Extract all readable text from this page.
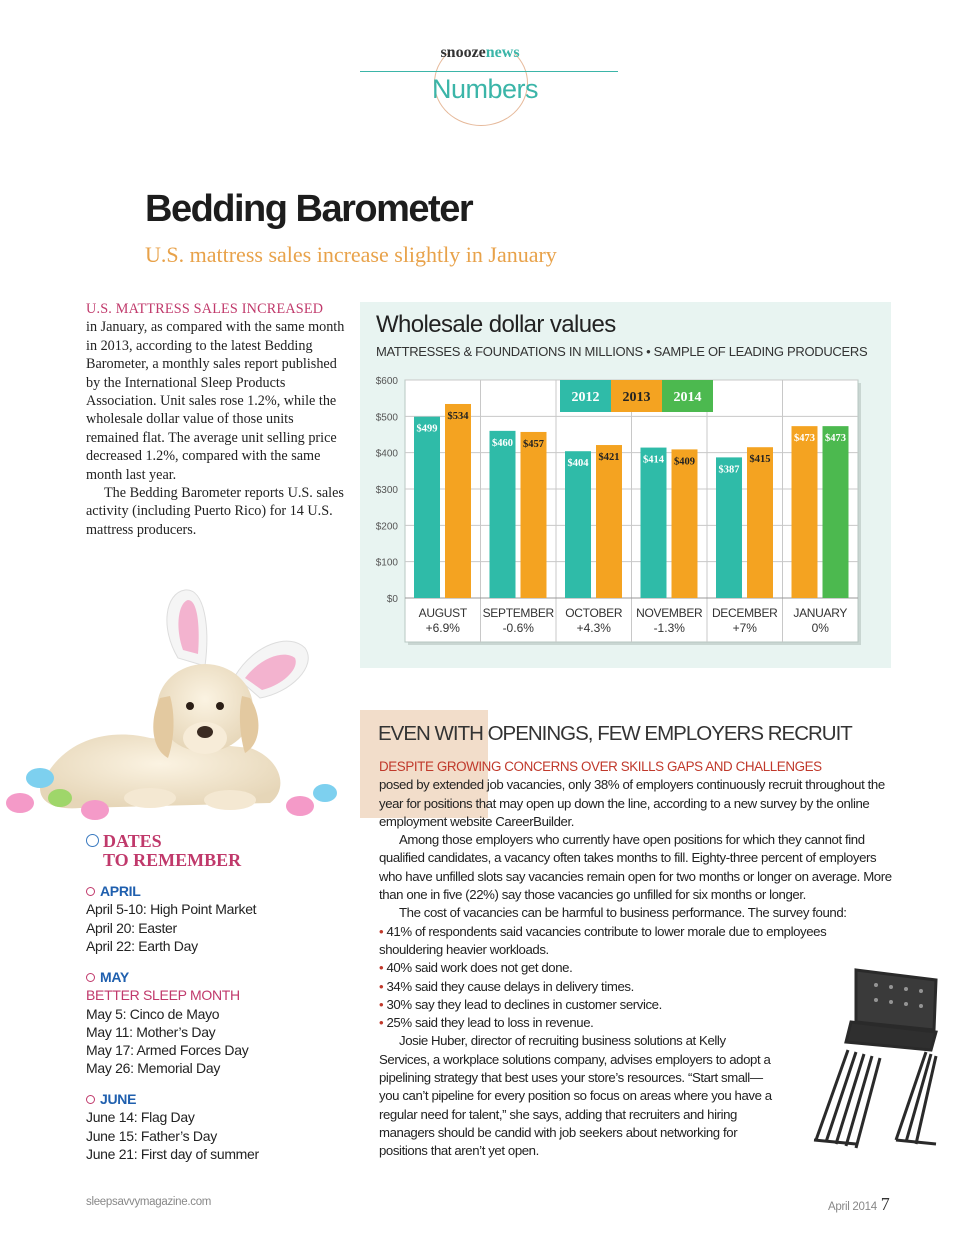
snoozenews
Numbers
Bedding Barometer
U.S. mattress sales increase slightly in January

U.S. MATTRESS SALES INCREASED
in January, as compared with the same month in 2013, according to the latest Bedding Barometer, a monthly sales report published by the International Sleep Products Association. Unit sales rose 1.2%, while the wholesale dollar value of those units remained flat. The average unit selling price decreased 1.2%, compared with the same month last year.

The Bedding Barometer reports U.S. sales activity (including Puerto Rico) for 14 U.S. mattress producers.

Wholesale dollar values
MATTRESSES & FOUNDATIONS IN MILLIONS • SAMPLE OF LEADING PRODUCERS
$0
$100
$200
$300
$400
$500
$600
$499
$534
AUGUST
+6.9%
$460 $457
SEPTEMBER
-0.6%
$404
$421
OCTOBER
+4.3%
$414 $409
NOVEMBER
-1.3%
$387
$415
DECEMBER
+7%
$473 $473
JANUARY
0%
2012 2013 2014
DATES
TO REMEMBER
APRIL
April 5-10: High Point Market
April 20: Easter
April 22: Earth Day
MAY
BETTER SLEEP MONTH
May 5: Cinco de Mayo
May 11: Mother’s Day
May 17: Armed Forces Day
May 26: Memorial Day
JUNE
June 14: Flag Day
June 15: Father’s Day
June 21: First day of summer
EVEN WITH OPENINGS, FEW EMPLOYERS RECRUIT
DESPITE GROWING CONCERNS OVER SKILLS GAPS AND CHALLENGES
posed by extended job vacancies, only 38% of employers continuously recruit throughout the year for positions that may open up down the line, according to a new survey by the online employment website CareerBuilder.
Among those employers who currently have open positions for which they cannot find qualified candidates, a vacancy often takes months to fill. Eighty-three percent of employers who have unfilled slots say vacancies remain open for two months or longer on average. More than one in five (22%) say those vacancies go unfilled for six months or longer.
The cost of vacancies can be harmful to business performance. The survey found:
• 41% of respondents said vacancies contribute to lower morale due to employees shouldering heavier workloads.
• 40% said work does not get done.
• 34% said they cause delays in delivery times.
• 30% say they lead to declines in customer service.
• 25% said they lead to loss in revenue.
Josie Huber, director of recruiting business solutions at Kelly Services, a workplace solutions company, advises employers to adopt a pipelining strategy that best uses your store’s resources. “Start small—you can’t pipeline for every position so focus on areas where you have a regular need for talent,” she says, adding that recruiters and hiring managers should be candid with job seekers about networking for positions that aren’t yet open.
sleepsavvymagazine.com	April 2014 7
